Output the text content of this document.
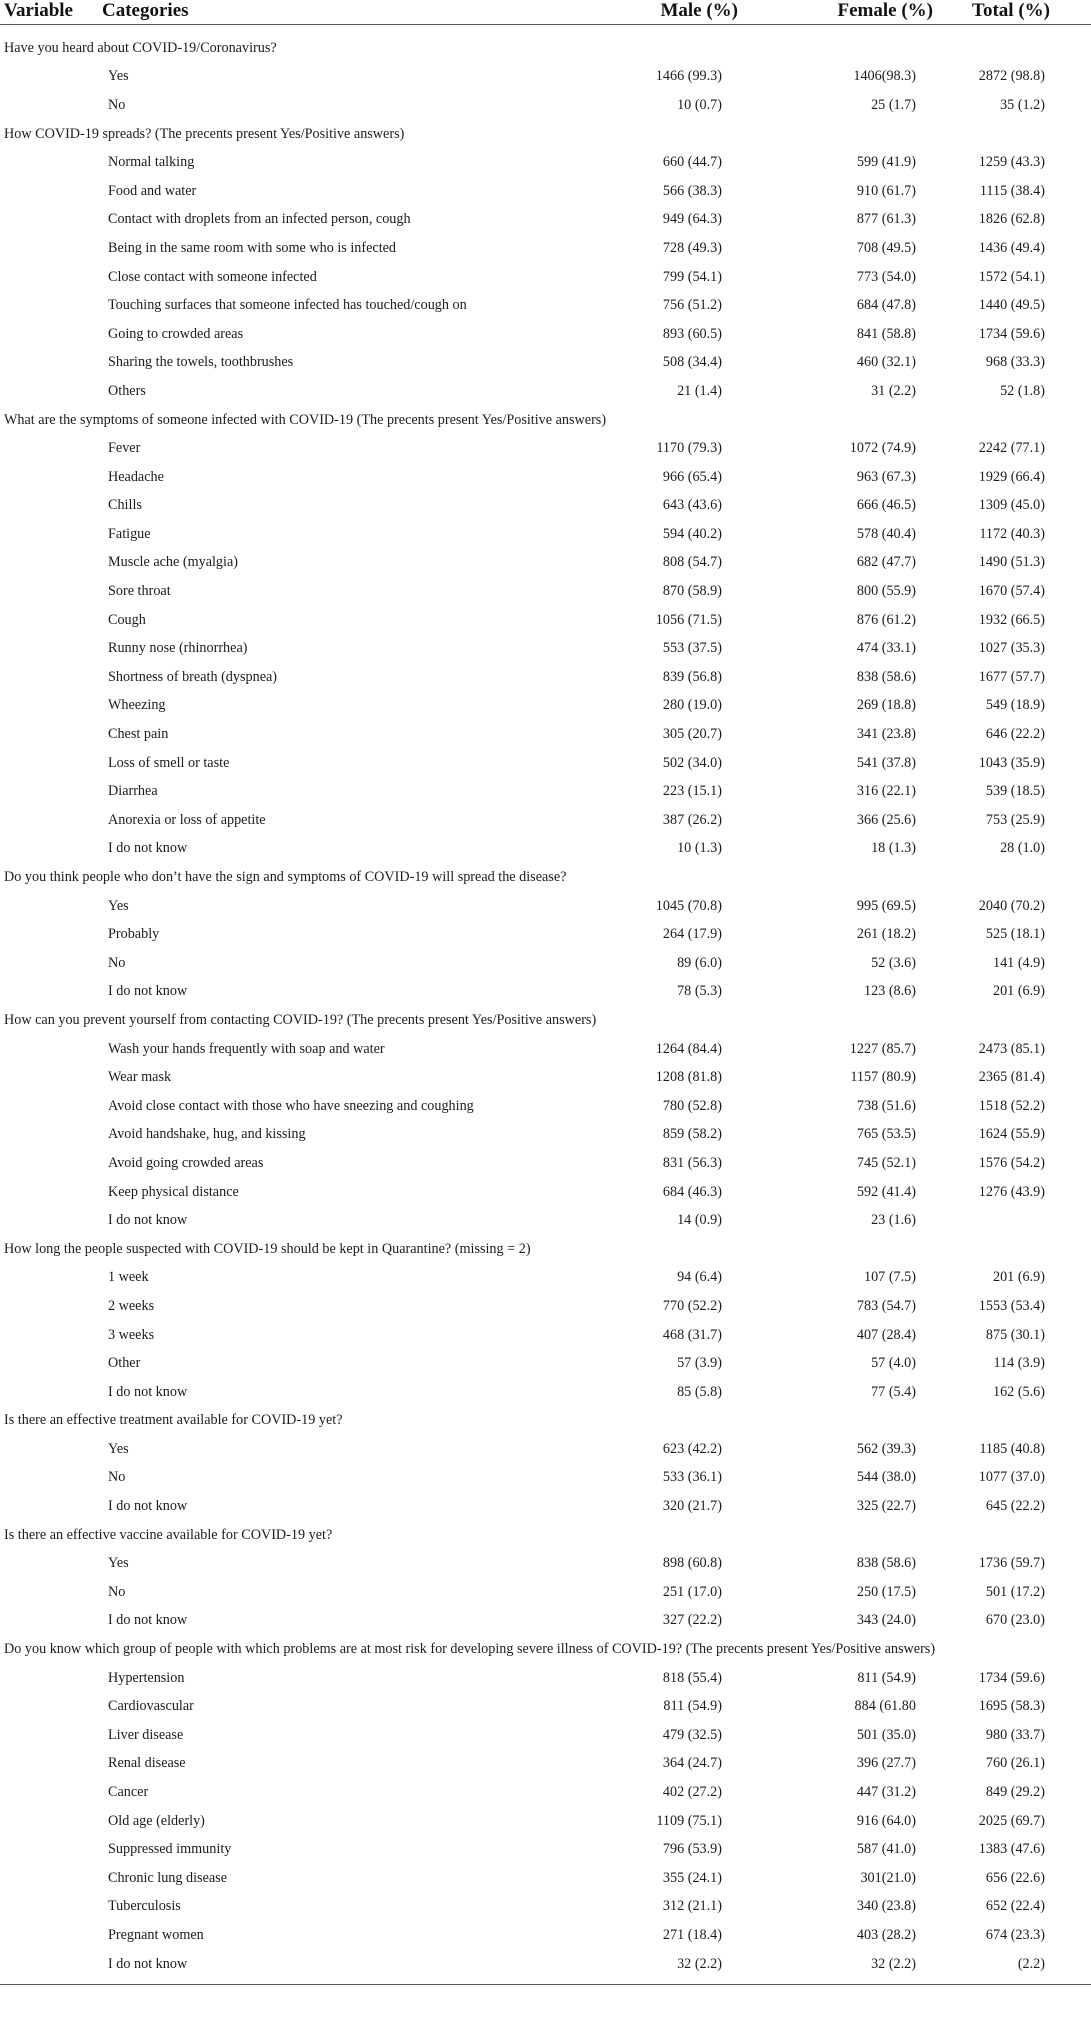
Variable	Categories	Male (%)	Female (%)	Total (%)

Have you heard about COVID-19/Coronavirus?				
	Yes	1466 (99.3)	1406(98.3)	2872 (98.8)
	No	10 (0.7)	25 (1.7)	35 (1.2)
How COVID-19 spreads? (The precents present Yes/Positive answers)				
	Normal talking	660 (44.7)	599 (41.9)	1259 (43.3)
	Food and water	566 (38.3)	910 (61.7)	1115 (38.4)
	Contact with droplets from an infected person, cough	949 (64.3)	877 (61.3)	1826 (62.8)
	Being in the same room with some who is infected	728 (49.3)	708 (49.5)	1436 (49.4)
	Close contact with someone infected	799 (54.1)	773 (54.0)	1572 (54.1)
	Touching surfaces that someone infected has touched/cough on	756 (51.2)	684 (47.8)	1440 (49.5)
	Going to crowded areas	893 (60.5)	841 (58.8)	1734 (59.6)
	Sharing the towels, toothbrushes	508 (34.4)	460 (32.1)	968 (33.3)
	Others	21 (1.4)	31 (2.2)	52 (1.8)
What are the symptoms of someone infected with COVID-19 (The precents present Yes/Positive answers)				
	Fever	1170 (79.3)	1072 (74.9)	2242 (77.1)
	Headache	966 (65.4)	963 (67.3)	1929 (66.4)
	Chills	643 (43.6)	666 (46.5)	1309 (45.0)
	Fatigue	594 (40.2)	578 (40.4)	1172 (40.3)
	Muscle ache (myalgia)	808 (54.7)	682 (47.7)	1490 (51.3)
	Sore throat	870 (58.9)	800 (55.9)	1670 (57.4)
	Cough	1056 (71.5)	876 (61.2)	1932 (66.5)
	Runny nose (rhinorrhea)	553 (37.5)	474 (33.1)	1027 (35.3)
	Shortness of breath (dyspnea)	839 (56.8)	838 (58.6)	1677 (57.7)
	Wheezing	280 (19.0)	269 (18.8)	549 (18.9)
	Chest pain	305 (20.7)	341 (23.8)	646 (22.2)
	Loss of smell or taste	502 (34.0)	541 (37.8)	1043 (35.9)
	Diarrhea	223 (15.1)	316 (22.1)	539 (18.5)
	Anorexia or loss of appetite	387 (26.2)	366 (25.6)	753 (25.9)
	I do not know	10 (1.3)	18 (1.3)	28 (1.0)
Do you think people who don’t have the sign and symptoms of COVID-19 will spread the disease?				
	Yes	1045 (70.8)	995 (69.5)	2040 (70.2)
	Probably	264 (17.9)	261 (18.2)	525 (18.1)
	No	89 (6.0)	52 (3.6)	141 (4.9)
	I do not know	78 (5.3)	123 (8.6)	201 (6.9)
How can you prevent yourself from contacting COVID-19? (The precents present Yes/Positive answers)				
	Wash your hands frequently with soap and water	1264 (84.4)	1227 (85.7)	2473 (85.1)
	Wear mask	1208 (81.8)	1157 (80.9)	2365 (81.4)
	Avoid close contact with those who have sneezing and coughing	780 (52.8)	738 (51.6)	1518 (52.2)
	Avoid handshake, hug, and kissing	859 (58.2)	765 (53.5)	1624 (55.9)
	Avoid going crowded areas	831 (56.3)	745 (52.1)	1576 (54.2)
	Keep physical distance	684 (46.3)	592 (41.4)	1276 (43.9)
	I do not know	14 (0.9)	23 (1.6)	
How long the people suspected with COVID-19 should be kept in Quarantine? (missing = 2)				
	1 week	94 (6.4)	107 (7.5)	201 (6.9)
	2 weeks	770 (52.2)	783 (54.7)	1553 (53.4)
	3 weeks	468 (31.7)	407 (28.4)	875 (30.1)
	Other	57 (3.9)	57 (4.0)	114 (3.9)
	I do not know	85 (5.8)	77 (5.4)	162 (5.6)
Is there an effective treatment available for COVID-19 yet?				
	Yes	623 (42.2)	562 (39.3)	1185 (40.8)
	No	533 (36.1)	544 (38.0)	1077 (37.0)
	I do not know	320 (21.7)	325 (22.7)	645 (22.2)
Is there an effective vaccine available for COVID-19 yet?				
	Yes	898 (60.8)	838 (58.6)	1736 (59.7)
	No	251 (17.0)	250 (17.5)	501 (17.2)
	I do not know	327 (22.2)	343 (24.0)	670 (23.0)
Do you know which group of people with which problems are at most risk for developing severe illness of COVID-19? (The precents present Yes/Positive answers)				
	Hypertension	818 (55.4)	811 (54.9)	1734 (59.6)
	Cardiovascular	811 (54.9)	884 (61.80	1695 (58.3)
	Liver disease	479 (32.5)	501 (35.0)	980 (33.7)
	Renal disease	364 (24.7)	396 (27.7)	760 (26.1)
	Cancer	402 (27.2)	447 (31.2)	849 (29.2)
	Old age (elderly)	1109 (75.1)	916 (64.0)	2025 (69.7)
	Suppressed immunity	796 (53.9)	587 (41.0)	1383 (47.6)
	Chronic lung disease	355 (24.1)	301(21.0)	656 (22.6)
	Tuberculosis	312 (21.1)	340 (23.8)	652 (22.4)
	Pregnant women	271 (18.4)	403 (28.2)	674 (23.3)
	I do not know	32 (2.2)	32 (2.2)	(2.2)
